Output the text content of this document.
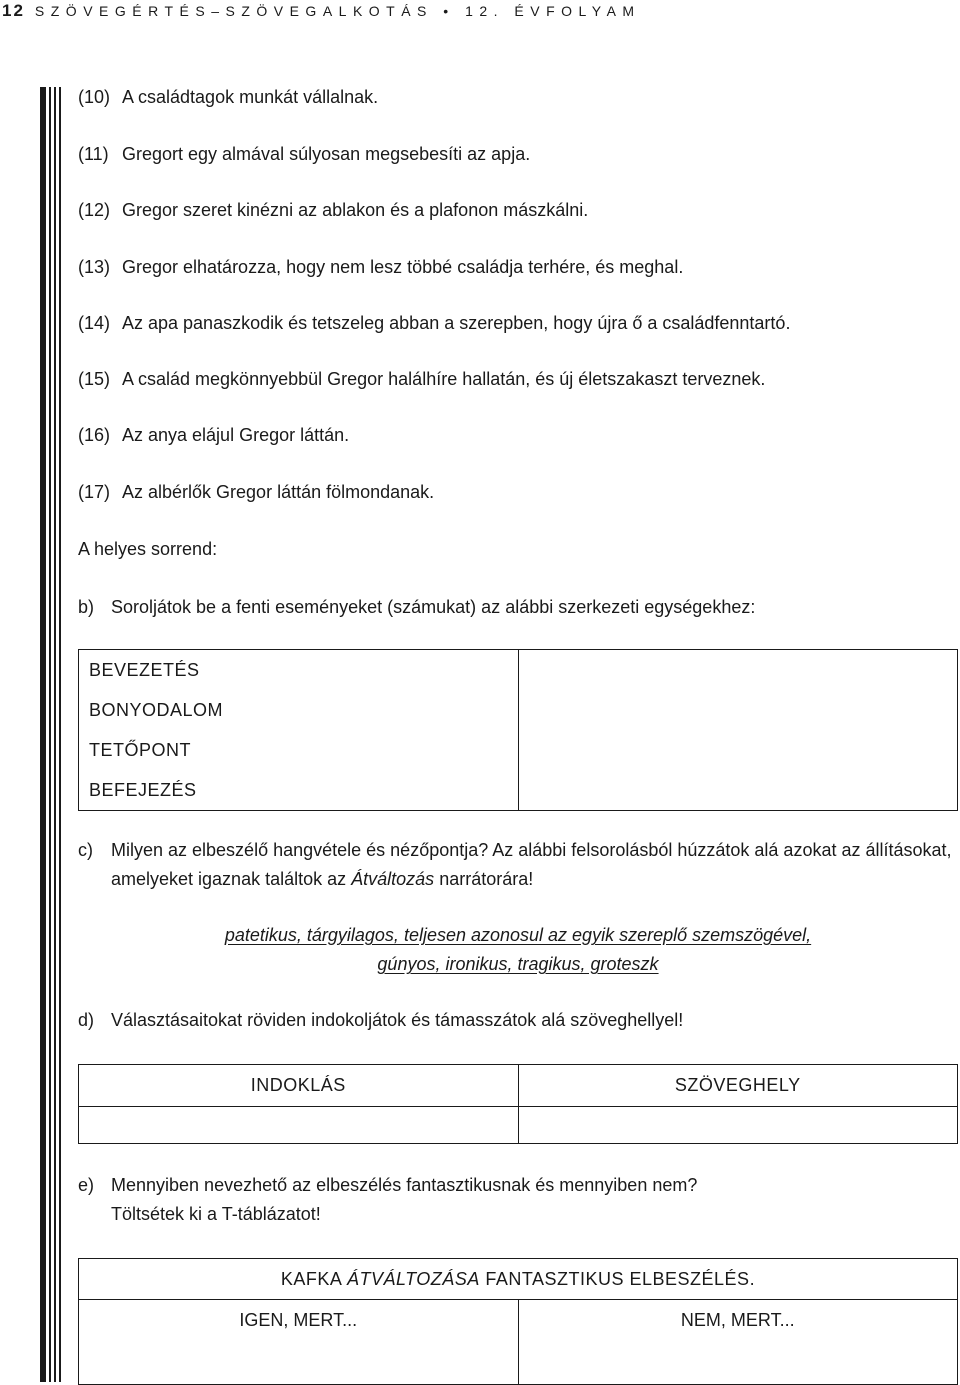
12 SZÖVEGÉRTÉS–SZÖVEGALKOTÁS • 12. ÉVFOLYAM
(10) A családtagok munkát vállalnak.
(11) Gregort egy almával súlyosan megsebesíti az apja.
(12) Gregor szeret kinézni az ablakon és a plafonon mászkálni.
(13) Gregor elhatározza, hogy nem lesz többé családja terhére, és meghal.
(14) Az apa panaszkodik és tetszeleg abban a szerepben, hogy újra ő a családfenntartó.
(15) A család megkönnyebbül Gregor halálhíre hallatán, és új életszakaszt terveznek.
(16) Az anya elájul Gregor láttán.
(17) Az albérlők Gregor láttán fölmondanak.
A helyes sorrend:
b) Soroljátok be a fenti eseményeket (számukat) az alábbi szerkezeti egységekhez:
BEVEZETÉS
BONYODALOM
TETŐPONT
BEFEJEZÉS

c) Milyen az elbeszélő hangvétele és nézőpontja? Az alábbi felsorolásból húzzátok alá azokat az állításokat, amelyeket igaznak találtok az Átváltozás narrátorára!
patetikus, tárgyilagos, teljesen azonosul az egyik szereplő szemszögével,
gúnyos, ironikus, tragikus, groteszk
d) Választásaitokat röviden indokoljátok és támasszátok alá szöveghellyel!
INDOKLÁS	SZÖVEGHELY

e) Mennyiben nevezhető az elbeszélés fantasztikusnak és mennyiben nem?
Töltsétek ki a T-táblázatot!
KAFKA ÁTVÁLTOZÁSA FANTASZTIKUS ELBESZÉLÉS.	
IGEN, MERT...	NEM, MERT...
